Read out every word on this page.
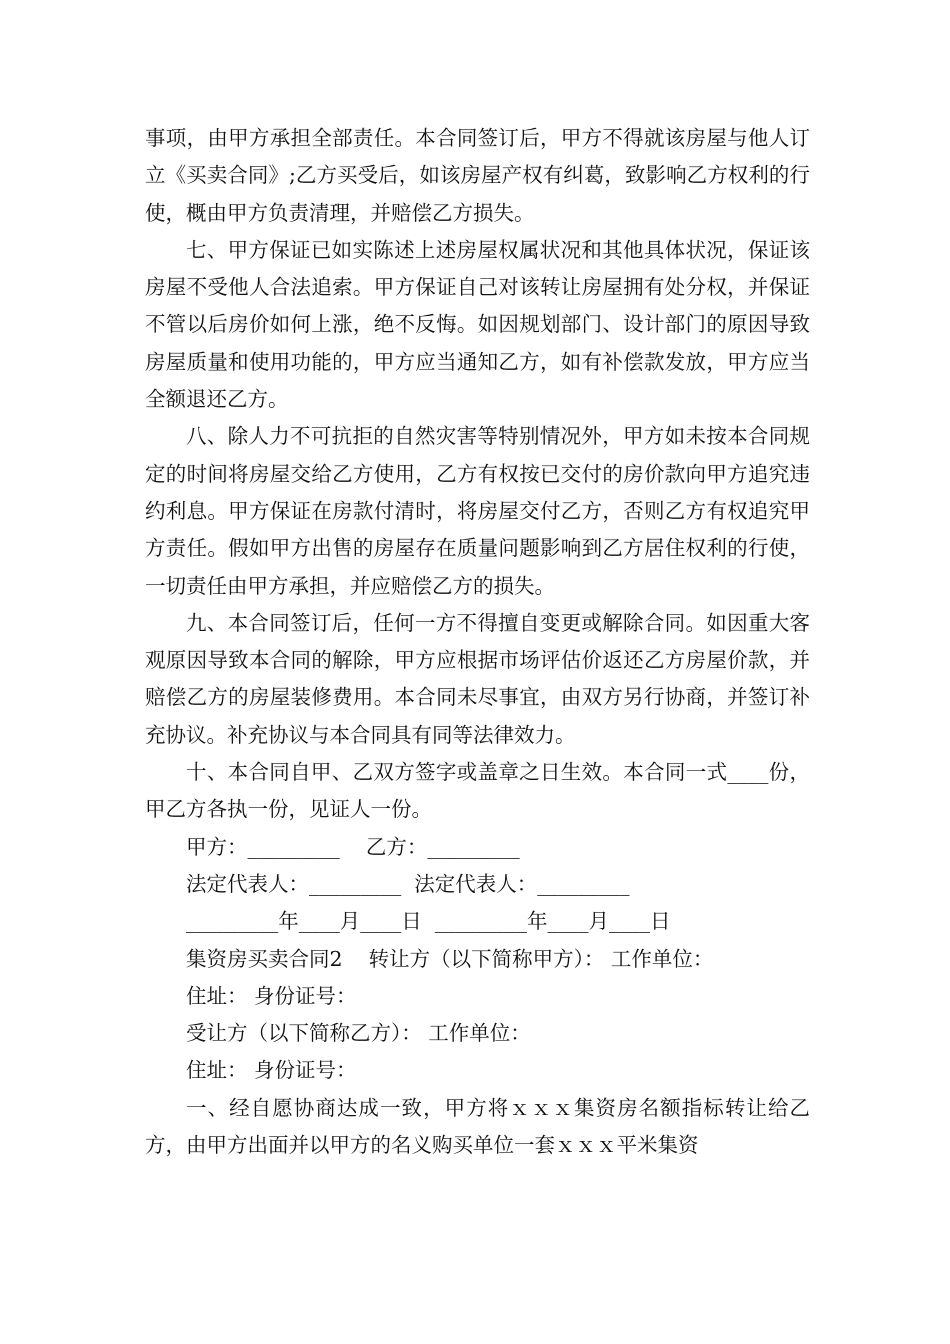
事项，由甲方承担全部责任。本合同签订后，甲方不得就该房屋与他人订立《买卖合同》;乙方买受后，如该房屋产权有纠葛，致影响乙方权利的行使，概由甲方负责清理，并赔偿乙方损失。

七、甲方保证已如实陈述上述房屋权属状况和其他具体状况，保证该房屋不受他人合法追索。甲方保证自己对该转让房屋拥有处分权，并保证不管以后房价如何上涨，绝不反悔。如因规划部门、设计部门的原因导致房屋质量和使用功能的，甲方应当通知乙方，如有补偿款发放，甲方应当全额退还乙方。

八、除人力不可抗拒的自然灾害等特别情况外，甲方如未按本合同规定的时间将房屋交给乙方使用，乙方有权按已交付的房价款向甲方追究违约利息。甲方保证在房款付清时，将房屋交付乙方，否则乙方有权追究甲方责任。假如甲方出售的房屋存在质量问题影响到乙方居住权利的行使，一切责任由甲方承担，并应赔偿乙方的损失。

九、本合同签订后，任何一方不得擅自变更或解除合同。如因重大客观原因导致本合同的解除，甲方应根据市场评估价返还乙方房屋价款，并赔偿乙方的房屋装修费用。本合同未尽事宜，由双方另行协商，并签订补充协议。补充协议与本合同具有同等法律效力。

十、本合同自甲、乙双方签字或盖章之日生效。本合同一式____份，甲乙方各执一份，见证人一份。

甲方：_________    乙方：_________

法定代表人：_________  法定代表人：_________

_________年____月____日  _________年____月____日

集资房买卖合同2    转让方（以下简称甲方）： 工作单位：

住址： 身份证号：

受让方（以下简称乙方）： 工作单位：

住址： 身份证号：

一、经自愿协商达成一致，甲方将ｘｘｘ集资房名额指标转让给乙方，由甲方出面并以甲方的名义购买单位一套ｘｘｘ平米集资
